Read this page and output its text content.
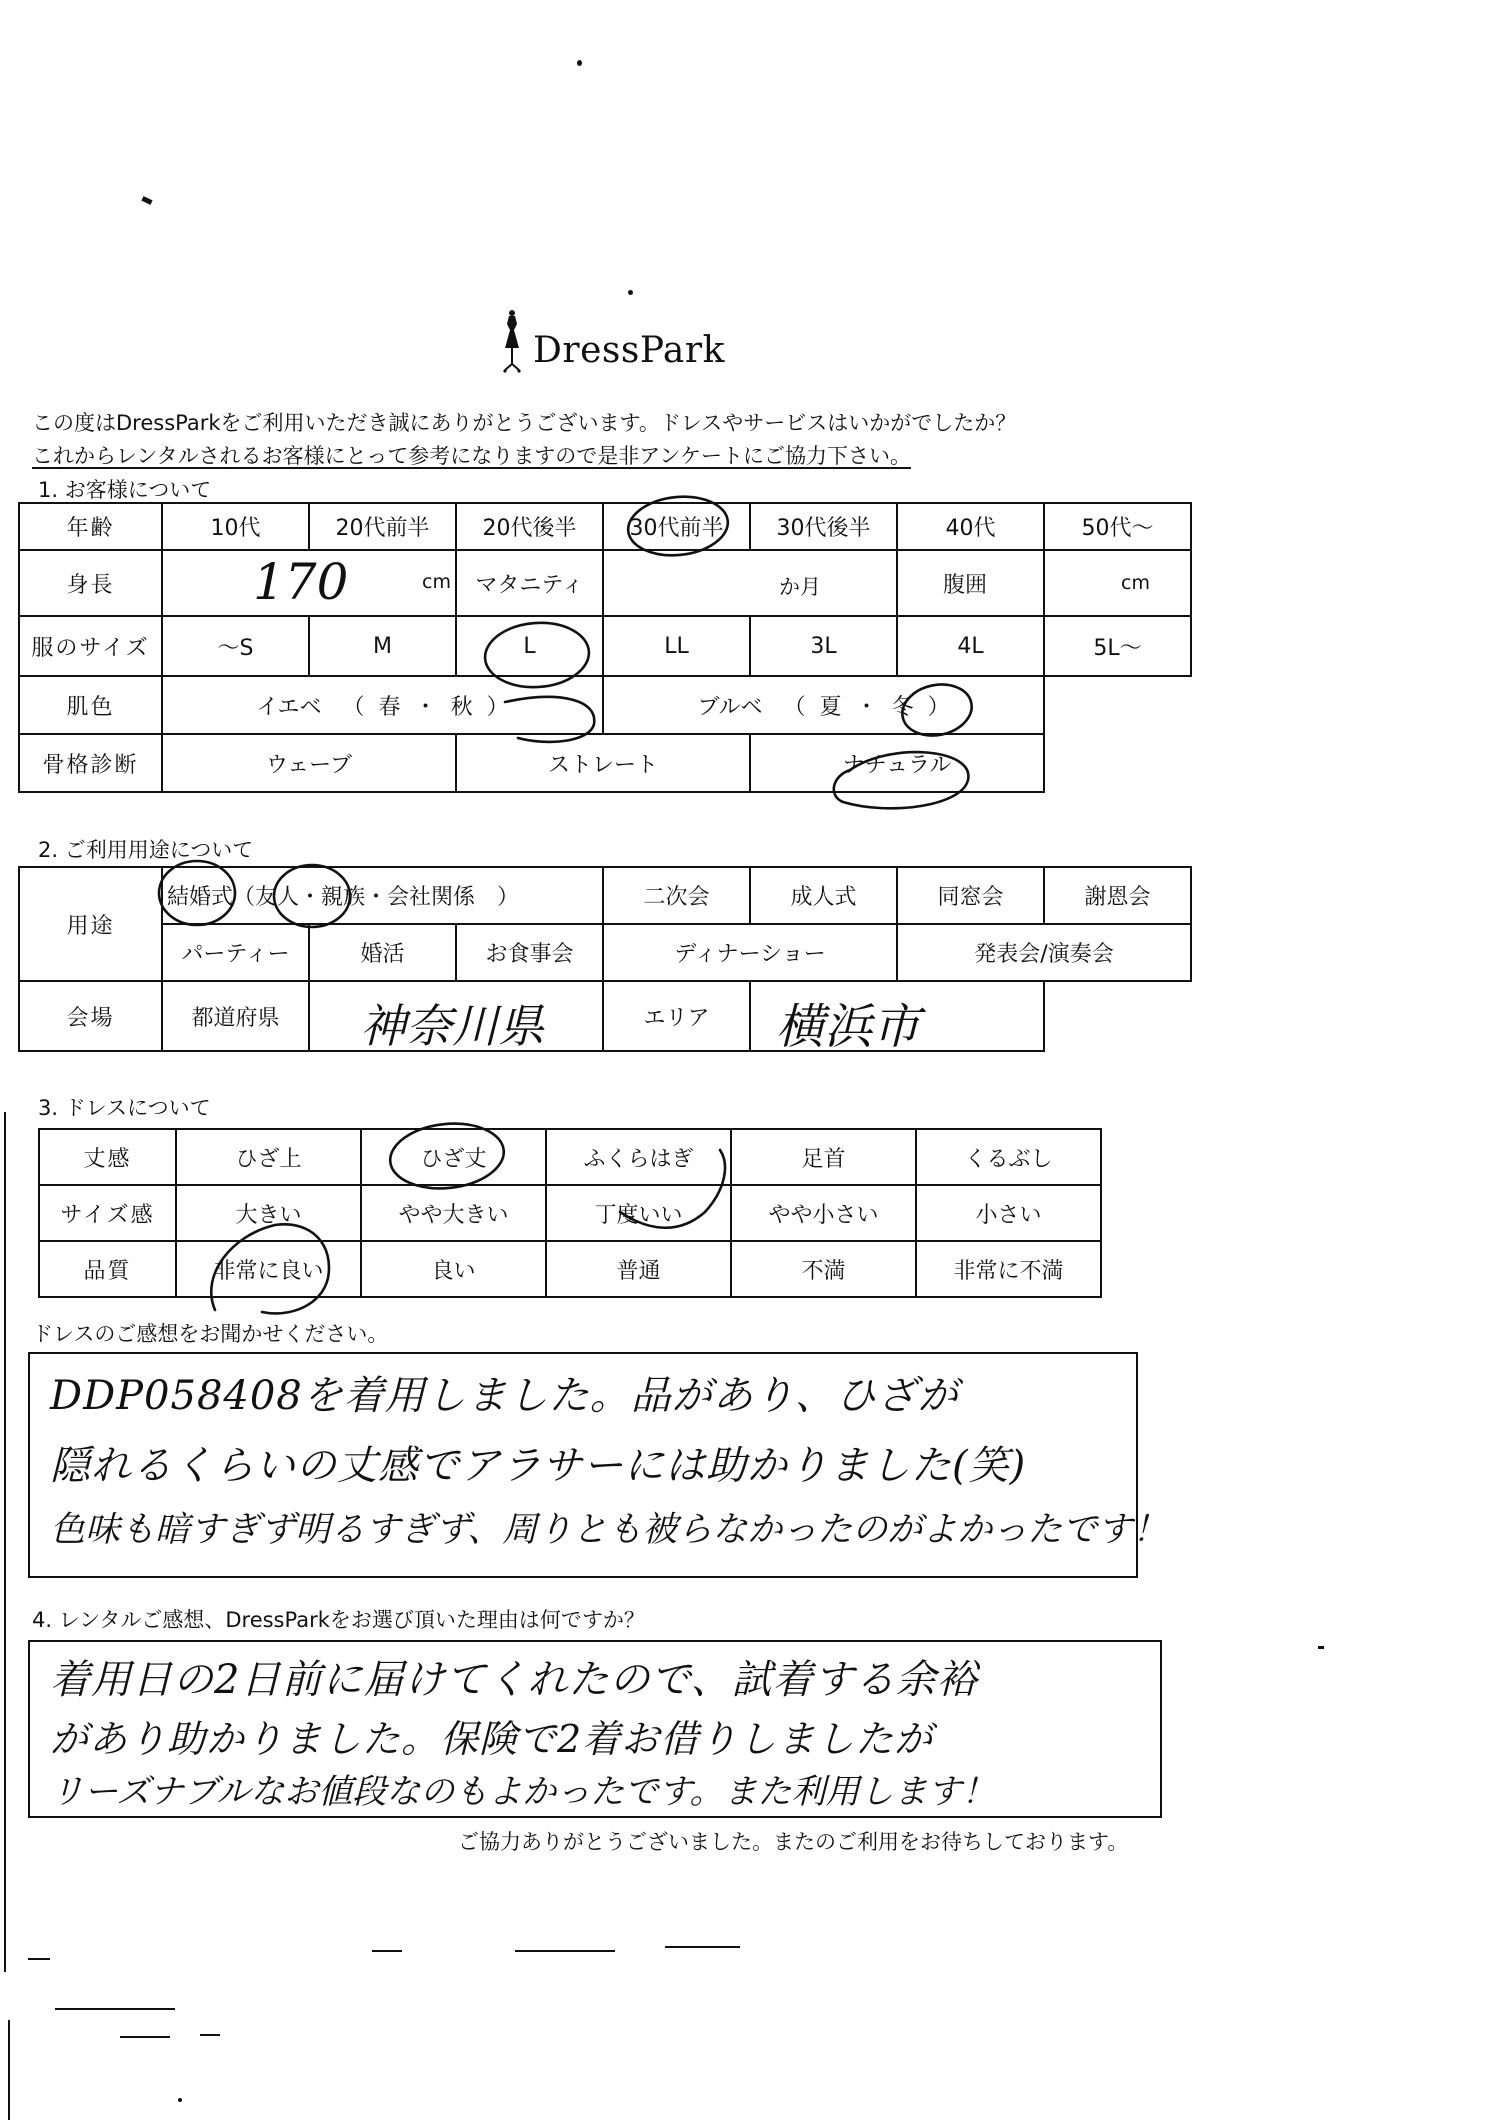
DressPark
この度はDressParkをご利用いただき誠にありがとうございます。ドレスやサービスはいかがでしたか？
これからレンタルされるお客様にとって参考になりますので是非アンケートにご協力下さい。
1. お客様について
年齢	10代	20代前半	20代後半	30代前半	30代後半	40代	50代～
身長	170 cm		マタニティ	か月		腹囲	cm
服のサイズ	～S	M	L	LL	3L	4L	5L～
肌色	イエベ （ 春 ・ 秋 ）			ブルベ （ 夏 ・ 冬 ）			
骨格診断	ウェーブ		ストレート		ナチュラル		
2. ご利用用途について
用途	結婚式（友人・親族・会社関係　）			二次会	成人式	同窓会	謝恩会
	パーティー	婚活	お食事会	ディナーショー		発表会/演奏会	
会場	都道府県	神奈川県		エリア	横浜市		

3. ドレスについて
丈感	ひざ上	ひざ丈	ふくらはぎ	足首	くるぶし
サイズ感	大きい	やや大きい	丁度いい	やや小さい	小さい
品質	非常に良い	良い	普通	不満	非常に不満
ドレスのご感想をお聞かせください。
DDP058408を着用しました。品があり、ひざが
隠れるくらいの丈感でアラサーには助かりました(笑)
色味も暗すぎず明るすぎず、周りとも被らなかったのがよかったです！
4. レンタルご感想、DressParkをお選び頂いた理由は何ですか？
着用日の2日前に届けてくれたので、試着する余裕
があり助かりました。保険で2着お借りしましたが
リーズナブルなお値段なのもよかったです。また利用します！
ご協力ありがとうございました。またのご利用をお待ちしております。
